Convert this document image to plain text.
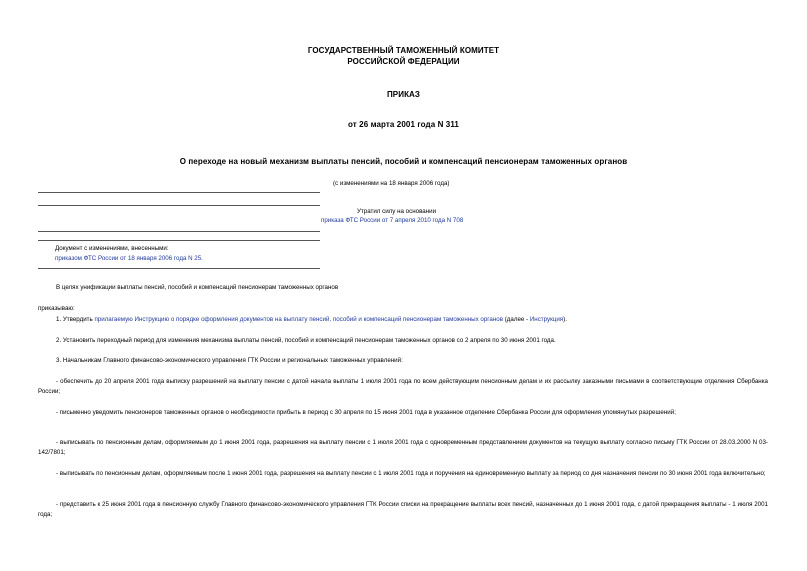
ГОСУДАРСТВЕННЫЙ ТАМОЖЕННЫЙ КОМИТЕТ
РОССИЙСКОЙ ФЕДЕРАЦИИ
ПРИКАЗ
от 26 марта 2001 года N 311
О переходе на новый механизм выплаты пенсий, пособий и компенсаций пенсионерам таможенных органов
(с изменениями на 18 января 2006 года)
Утратил силу на основании
приказа ФТС России от 7 апреля 2010 года N 708
Документ с изменениями, внесенными:
приказом ФТС России от 18 января 2006 года N 25.
В целях унификации выплаты пенсий, пособий и компенсаций пенсионерам таможенных органов
приказываю:
1. Утвердить прилагаемую Инструкцию о порядке оформления документов на выплату пенсий, пособий и компенсаций пенсионерам таможенных органов (далее - Инструкция).
2. Установить переходный период для изменения механизма выплаты пенсий, пособий и компенсаций пенсионерам таможенных органов со 2 апреля по 30 июня 2001 года.
3. Начальникам Главного финансово-экономического управления ГТК России и региональных таможенных управлений:
- обеспечить до 20 апреля 2001 года выписку разрешений на выплату пенсии с датой начала выплаты 1 июля 2001 года по всем действующим пенсионным делам и их рассылку заказными письмами в соответствующие отделения Сбербанка России;
- письменно уведомить пенсионеров таможенных органов о необходимости прибыть в период с 30 апреля по 15 июня 2001 года в указанное отделение Сбербанка России для оформления упомянутых разрешений;
- выписывать по пенсионным делам, оформляемым до 1 июня 2001 года, разрешения на выплату пенсии с 1 июля 2001 года с одновременным представлением документов на текущую выплату согласно письму ГТК России от 28.03.2000 N 03-142/7801;
- выписывать по пенсионным делам, оформляемым после 1 июня 2001 года, разрешения на выплату пенсии с 1 июля 2001 года и поручения на единовременную выплату за период со дня назначения пенсии по 30 июня 2001 года включительно;
- представить к 25 июня 2001 года в пенсионную службу Главного финансово-экономического управления ГТК России списки на прекращение выплаты всех пенсий, назначенных до 1 июня 2001 года, с датой прекращения выплаты - 1 июля 2001 года;
